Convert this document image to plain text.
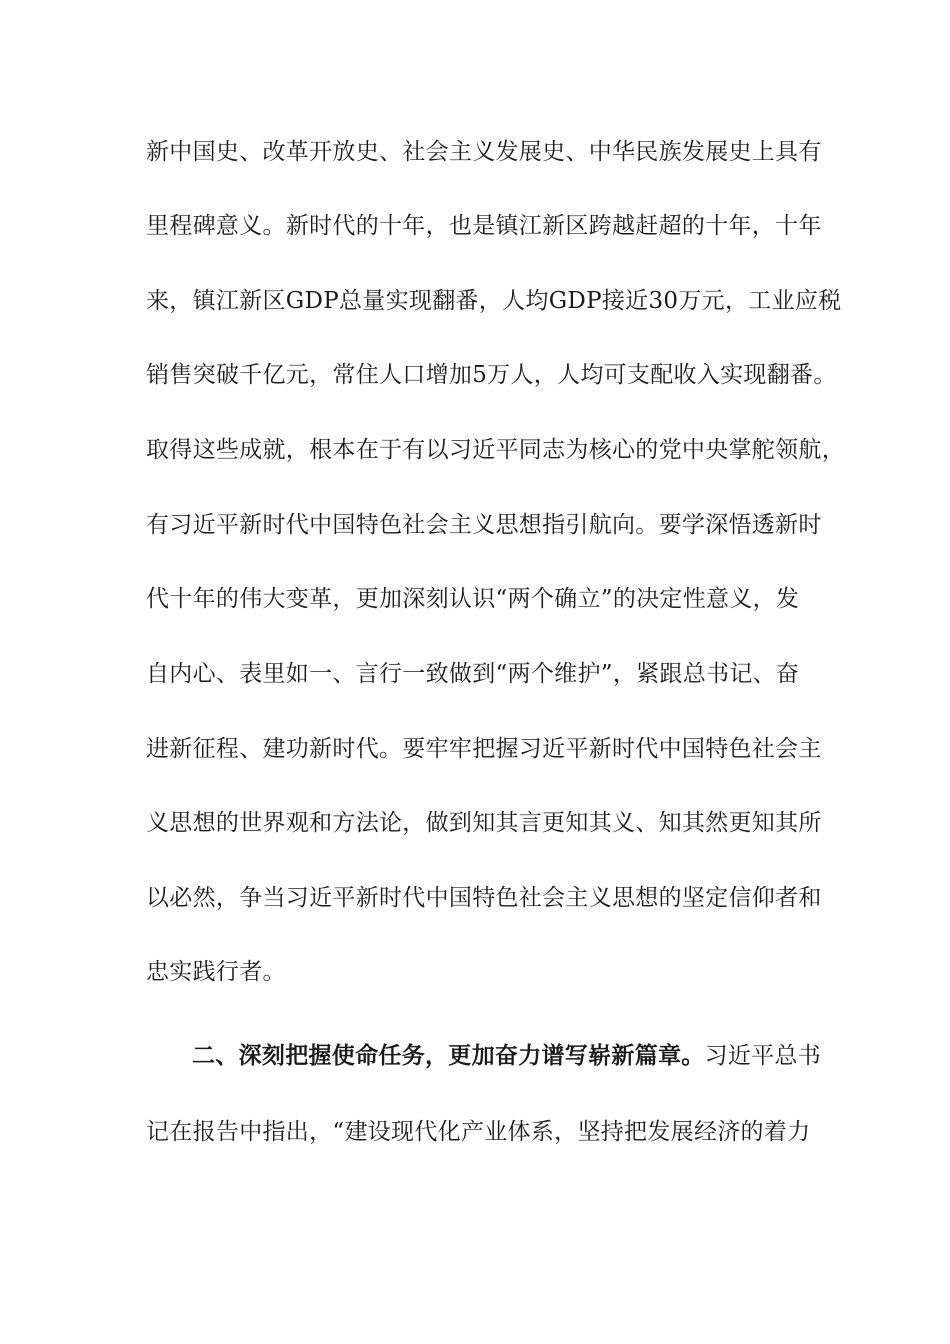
新中国史、改革开放史、社会主义发展史、中华民族发展史上具有
里程碑意义。新时代的十年，也是镇江新区跨越赶超的十年，十年
来，镇江新区GDP总量实现翻番，人均GDP接近30万元，工业应税
销售突破千亿元，常住人口增加5万人，人均可支配收入实现翻番。
取得这些成就，根本在于有以习近平同志为核心的党中央掌舵领航，
有习近平新时代中国特色社会主义思想指引航向。要学深悟透新时
代十年的伟大变革，更加深刻认识“两个确立”的决定性意义，发
自内心、表里如一、言行一致做到“两个维护”，紧跟总书记、奋
进新征程、建功新时代。要牢牢把握习近平新时代中国特色社会主
义思想的世界观和方法论，做到知其言更知其义、知其然更知其所
以必然，争当习近平新时代中国特色社会主义思想的坚定信仰者和
忠实践行者。
二、深刻把握使命任务，更加奋力谱写崭新篇章。习近平总书
记在报告中指出，“建设现代化产业体系，坚持把发展经济的着力
